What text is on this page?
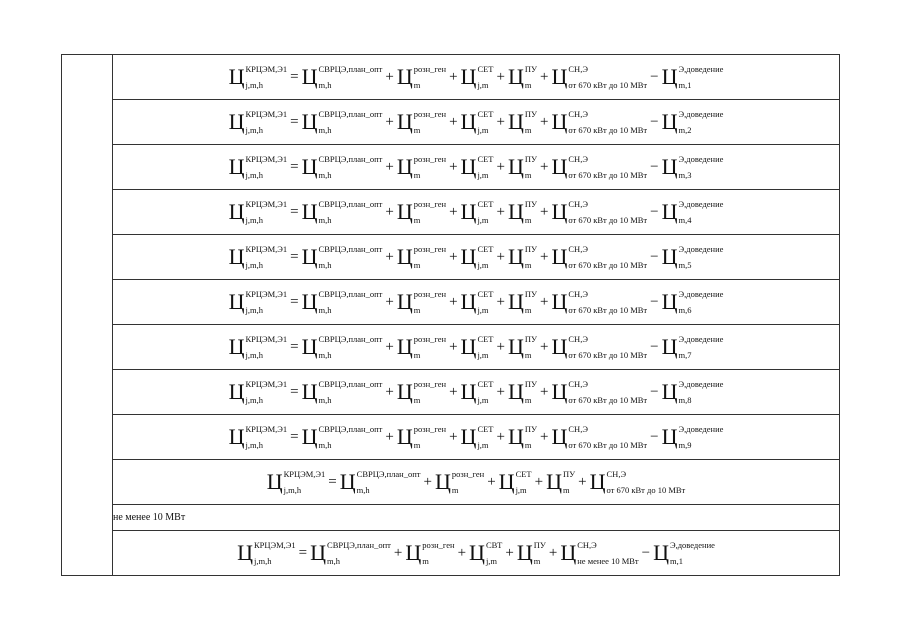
	Ц КРЦЭМ,Э1
j,m,h	= Ц СВРЦЭ,план_опт
m,h	+ Ц розн_ген
m	+ Ц СЕТ
j,m + Ц ПУ
m + Ц СН,Э
от 670 кВт до 10 МВт − Ц Э,доведение
m,1

Ц КРЦЭМ,Э1
j,m,h	= Ц СВРЦЭ,план_опт
m,h	+ Ц розн_ген
m	+ Ц СЕТ
j,m + Ц ПУ
m + Ц СН,Э
от 670 кВт до 10 МВт − Ц Э,доведение
m,2

Ц КРЦЭМ,Э1
j,m,h	= Ц СВРЦЭ,план_опт
m,h	+ Ц розн_ген
m	+ Ц СЕТ
j,m + Ц ПУ
m + Ц СН,Э
от 670 кВт до 10 МВт − Ц Э,доведение
m,3

Ц КРЦЭМ,Э1
j,m,h	= Ц СВРЦЭ,план_опт
m,h	+ Ц розн_ген
m	+ Ц СЕТ
j,m + Ц ПУ
m + Ц СН,Э
от 670 кВт до 10 МВт − Ц Э,доведение
m,4

Ц КРЦЭМ,Э1
j,m,h	= Ц СВРЦЭ,план_опт
m,h	+ Ц розн_ген
m	+ Ц СЕТ
j,m + Ц ПУ
m + Ц СН,Э
от 670 кВт до 10 МВт − Ц Э,доведение
m,5

Ц КРЦЭМ,Э1
j,m,h	= Ц СВРЦЭ,план_опт
m,h	+ Ц розн_ген
m	+ Ц СЕТ
j,m + Ц ПУ
m + Ц СН,Э
от 670 кВт до 10 МВт − Ц Э,доведение
m,6

Ц КРЦЭМ,Э1
j,m,h	= Ц СВРЦЭ,план_опт
m,h	+ Ц розн_ген
m	+ Ц СЕТ
j,m + Ц ПУ
m + Ц СН,Э
от 670 кВт до 10 МВт − Ц Э,доведение
m,7

Ц КРЦЭМ,Э1
j,m,h	= Ц СВРЦЭ,план_опт
m,h	+ Ц розн_ген
m	+ Ц СЕТ
j,m + Ц ПУ
m + Ц СН,Э
от 670 кВт до 10 МВт − Ц Э,доведение
m,8

Ц КРЦЭМ,Э1
j,m,h	= Ц СВРЦЭ,план_опт
m,h	+ Ц розн_ген
m	+ Ц СЕТ
j,m + Ц ПУ
m + Ц СН,Э
от 670 кВт до 10 МВт − Ц Э,доведение
m,9

Ц КРЦЭМ,Э1
j,m,h	= Ц СВРЦЭ,план_опт
m,h	+ Ц розн_ген
m	+ Ц СЕТ
j,m + Ц ПУ
m + Ц СН,Э
от 670 кВт до 10 МВт

не менее 10 МВт
Ц КРЦЭМ,Э1
j,m,h	= Ц СВРЦЭ,план_опт
m,h	+ Ц розн_ген
m	+ Ц СВТ
j,m + Ц ПУ
m + Ц СН,Э
не менее 10 МВт − Ц Э,доведение
m,1
